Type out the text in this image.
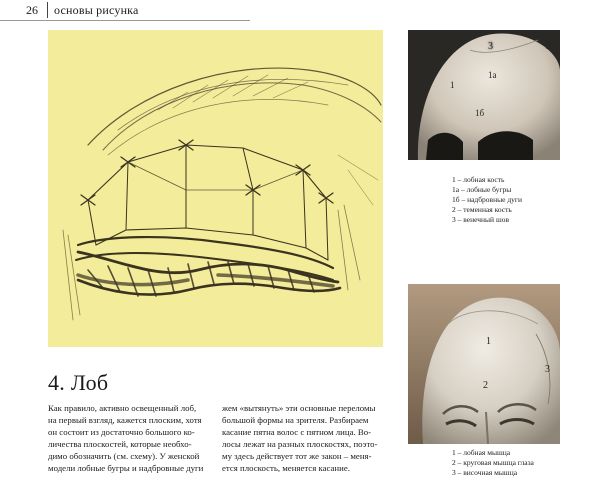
26 основы рисунка
3	2
1
1а
1б
1 – лобная кость
1а – лобные бугры
1б – надбровные дуги
2 – теменная кость
3 – венечный шов
1
2
3
1 – лобная мышца
2 – круговая мышца глаза
3 – височная мышца
4. Лоб

Как правило, активно освещенный лоб,

на первый взгляд, кажется плоским, хотя

он состоит из достаточно большого ко-

личества плоскостей, которые необхо-

димо обозначить (см. схему). У женской

модели лобные бугры и надбровные дуги

жем «вытянуть» эти основные переломы

большой формы на зрителя. Разбираем

касание пятна волос с пятном лица. Во-

лосы лежат на разных плоскостях, поэто-

му здесь действует тот же закон – меня-

ется плоскость, меняется касание.
